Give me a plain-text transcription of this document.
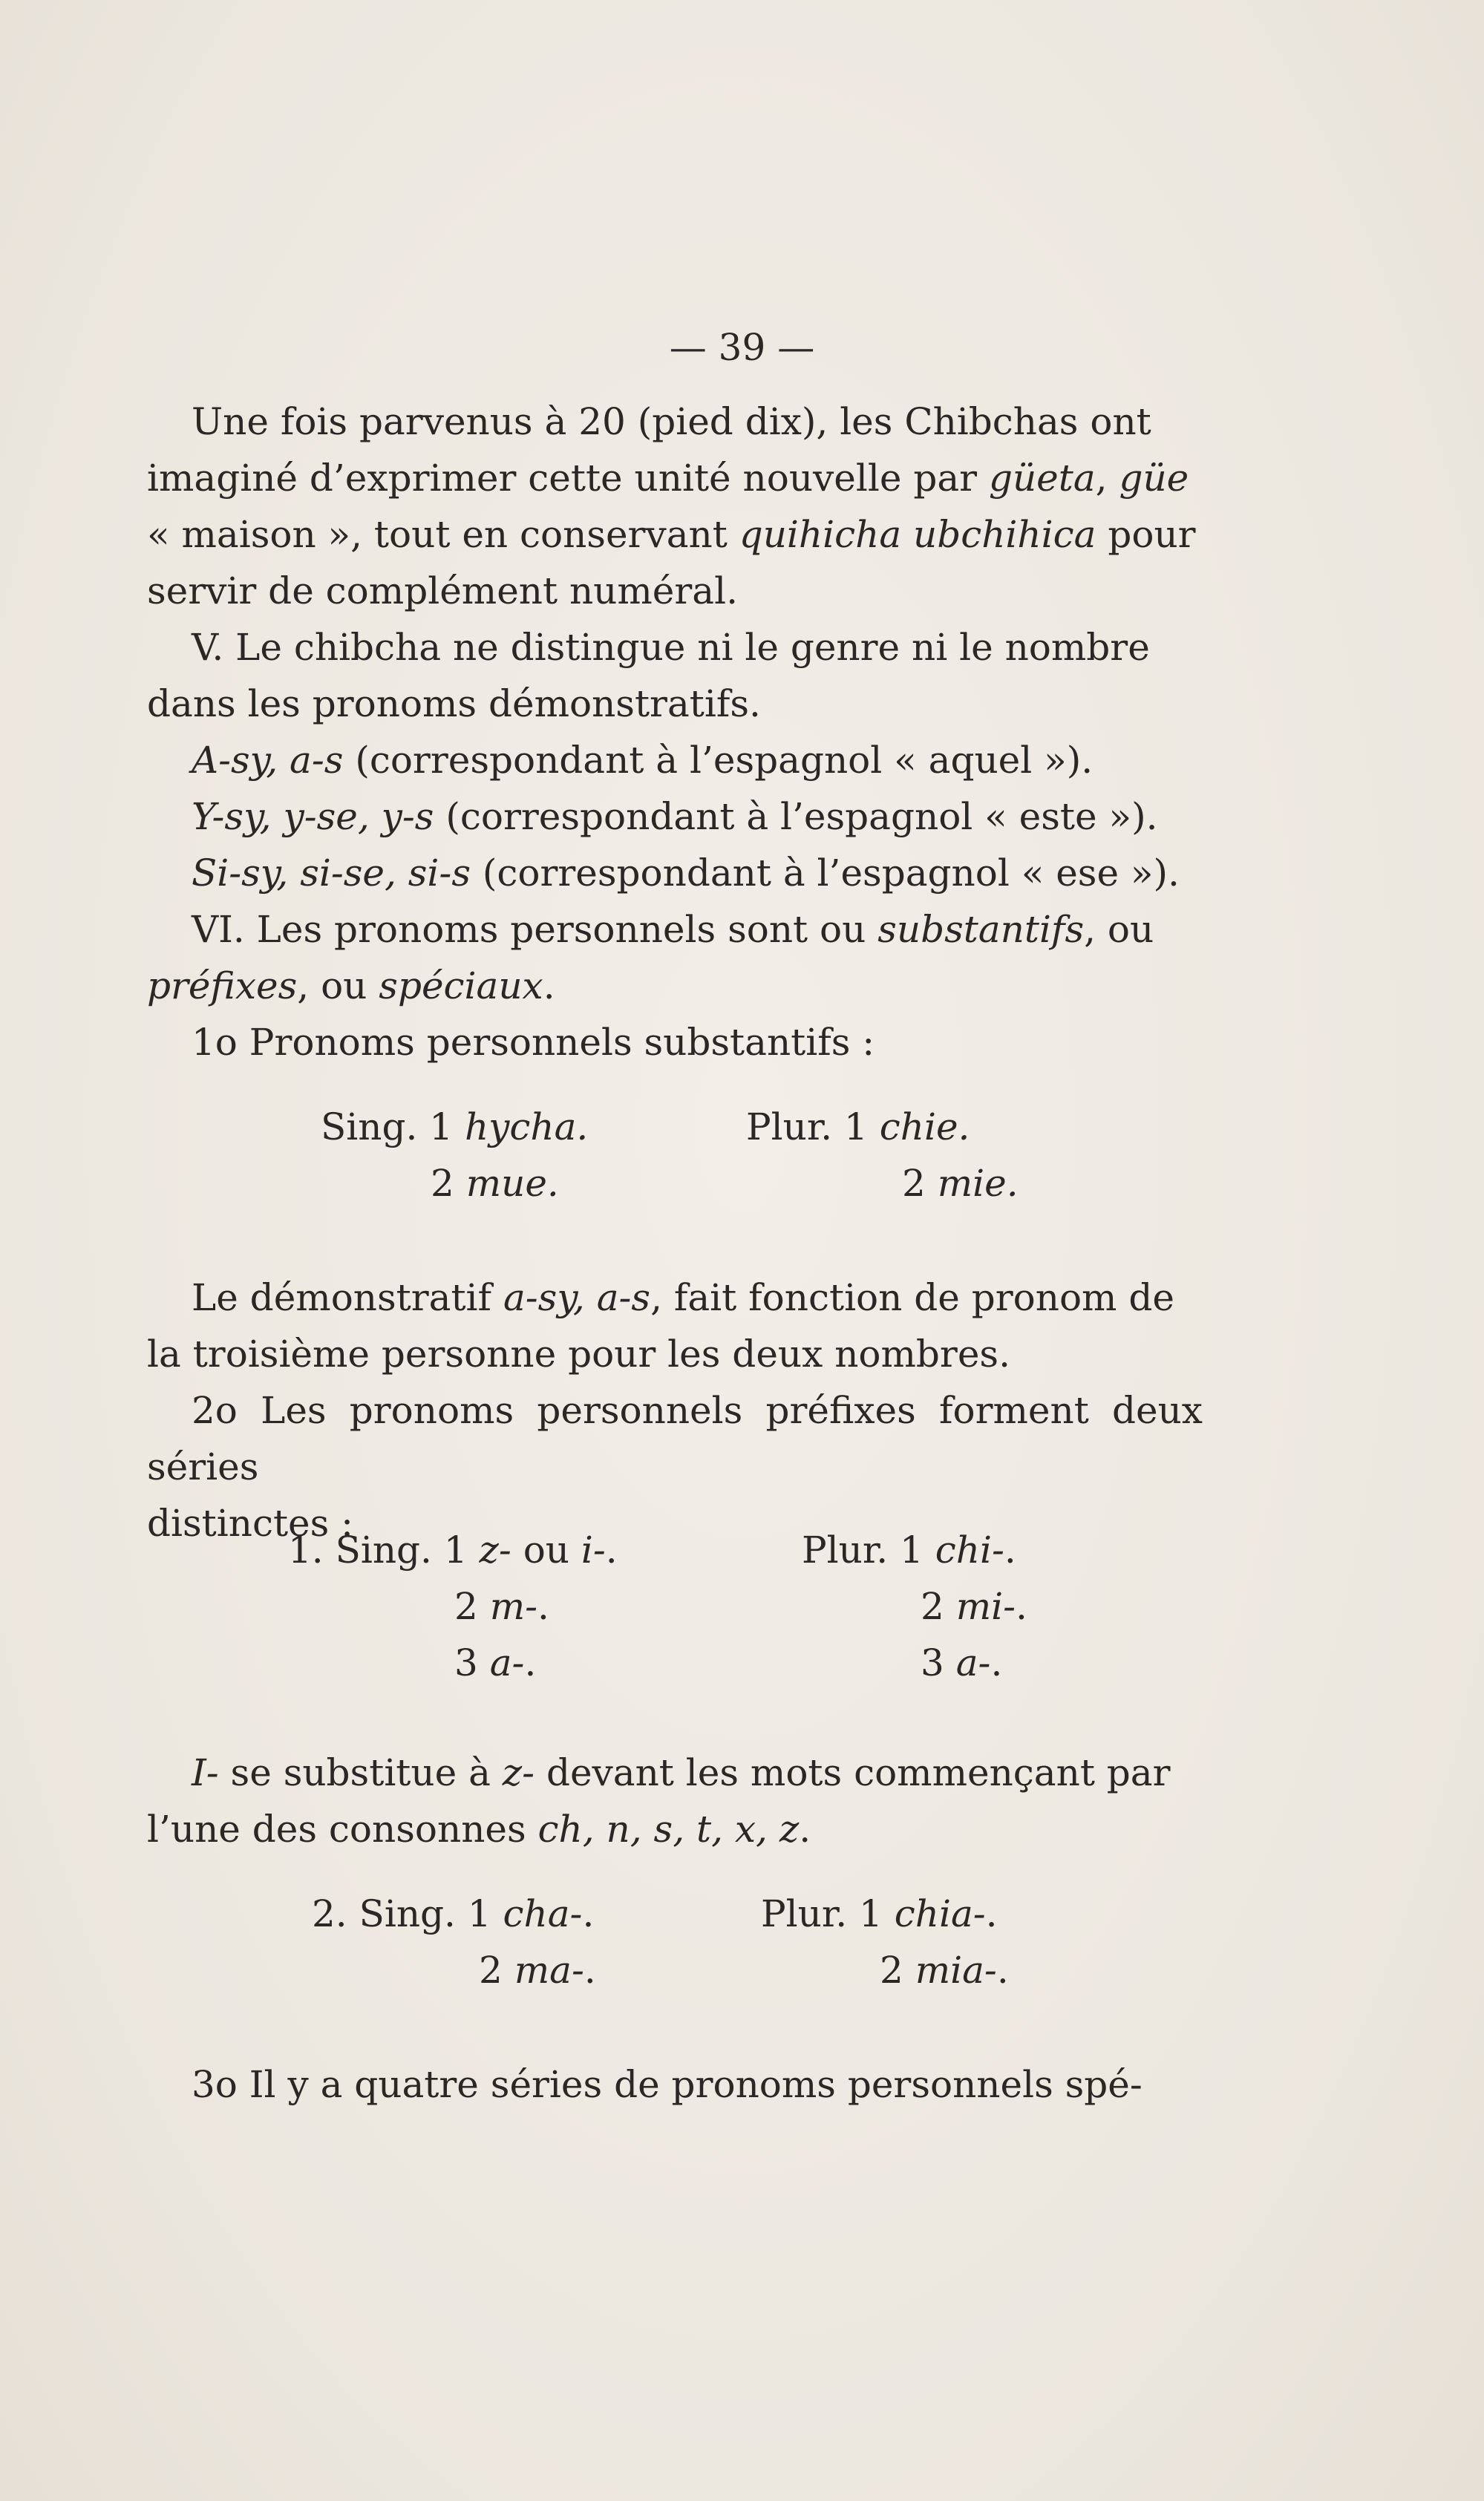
— 39 —

Une fois parvenus à 20 (pied dix), les Chibchas ont
imaginé d’exprimer cette unité nouvelle par güeta, güe
« maison », tout en conservant quihicha ubchihica pour
servir de complément numéral.

V. Le chibcha ne distingue ni le genre ni le nombre
dans les pronoms démonstratifs.

A-sy, a-s (correspondant à l’espagnol « aquel »).

Y-sy, y-se, y-s (correspondant à l’espagnol « este »).

Si-sy, si-se, si-s (correspondant à l’espagnol « ese »).

VI. Les pronoms personnels sont ou substantifs, ou
préfixes, ou spéciaux.

1o Pronoms personnels substantifs :

Sing. 1 hycha.
2 mue.
Plur. 1 chie.
2 mie.

Le démonstratif a-sy, a-s, fait fonction de pronom de
la troisième personne pour les deux nombres.

2o Les pronoms personnels préfixes forment deux séries
distinctes :

1. Sing. 1 z- ou i-.
2 m-.
3 a-.
Plur. 1 chi-.
2 mi-.
3 a-.

I- se substitue à z- devant les mots commençant par
l’une des consonnes ch, n, s, t, x, z.

2. Sing. 1 cha-.
2 ma-.
Plur. 1 chia-.
2 mia-.

3o Il y a quatre séries de pronoms personnels spé-
